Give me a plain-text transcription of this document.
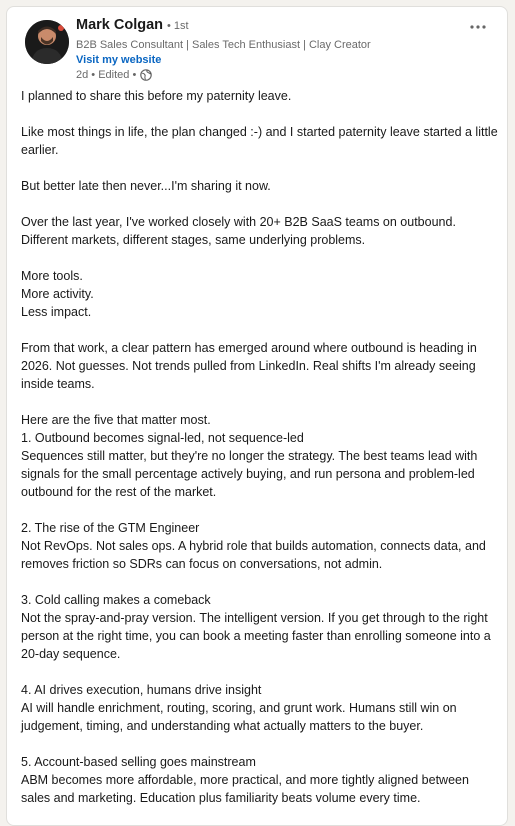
Mark Colgan • 1st
B2B Sales Consultant | Sales Tech Enthusiast | Clay Creator
Visit my website
2d • Edited •
I planned to share this before my paternity leave.

Like most things in life, the plan changed :-) and I started paternity leave started a little earlier.

But better late then never...I'm sharing it now.

Over the last year, I've worked closely with 20+ B2B SaaS teams on outbound. Different markets, different stages, same underlying problems.

More tools.
More activity.
Less impact.

From that work, a clear pattern has emerged around where outbound is heading in 2026. Not guesses. Not trends pulled from LinkedIn. Real shifts I'm already seeing inside teams.

Here are the five that matter most.
1. Outbound becomes signal-led, not sequence-led
Sequences still matter, but they're no longer the strategy. The best teams lead with signals for the small percentage actively buying, and run persona and problem-led outbound for the rest of the market.

2. The rise of the GTM Engineer
Not RevOps. Not sales ops. A hybrid role that builds automation, connects data, and removes friction so SDRs can focus on conversations, not admin.

3. Cold calling makes a comeback
Not the spray-and-pray version. The intelligent version. If you get through to the right person at the right time, you can book a meeting faster than enrolling someone into a 20-day sequence.

4. AI drives execution, humans drive insight
AI will handle enrichment, routing, scoring, and grunt work. Humans still win on judgement, timing, and understanding what actually matters to the buyer.

5. Account-based selling goes mainstream
ABM becomes more affordable, more practical, and more tightly aligned between sales and marketing. Education plus familiarity beats volume every time.
